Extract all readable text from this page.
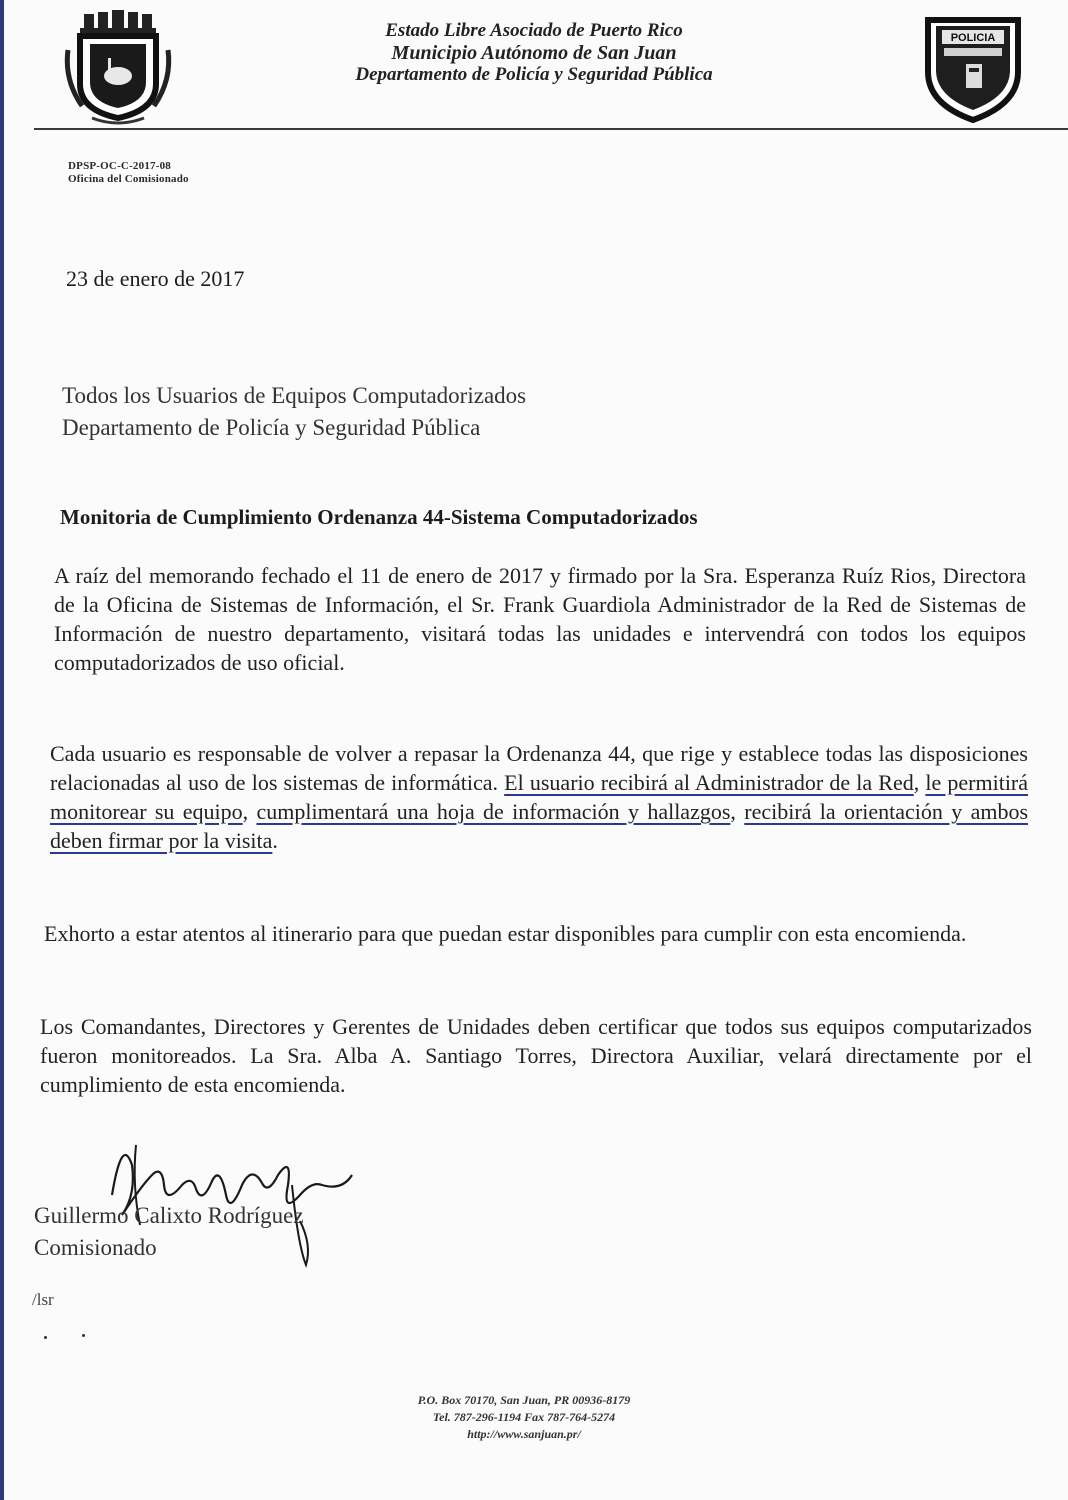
Estado Libre Asociado de Puerto Rico
Municipio Autónomo de San Juan
Departamento de Policía y Seguridad Pública
POLICIA
DPSP-OC-C-2017-08
Oficina del Comisionado
23 de enero de 2017
Todos los Usuarios de Equipos Computadorizados
Departamento de Policía y Seguridad Pública
Monitoria de Cumplimiento Ordenanza 44-Sistema Computadorizados
A raíz del memorando fechado el 11 de enero de 2017 y firmado por la Sra. Esperanza Ruíz Rios, Directora de la Oficina de Sistemas de Información, el Sr. Frank Guardiola Administrador de la Red de Sistemas de Información de nuestro departamento, visitará todas las unidades e intervendrá con todos los equipos computadorizados de uso oficial.
Cada usuario es responsable de volver a repasar la Ordenanza 44, que rige y establece todas las disposiciones relacionadas al uso de los sistemas de informática. El usuario recibirá al Administrador de la Red, le permitirá monitorear su equipo, cumplimentará una hoja de información y hallazgos, recibirá la orientación y ambos deben firmar por la visita.
Exhorto a estar atentos al itinerario para que puedan estar disponibles para cumplir con esta encomienda.
Los Comandantes, Directores y Gerentes de Unidades deben certificar que todos sus equipos computarizados fueron monitoreados. La Sra. Alba A. Santiago Torres, Directora Auxiliar, velará directamente por el cumplimiento de esta encomienda.
Guillermo Calixto Rodríguez
Comisionado
/lsr
P.O. Box 70170, San Juan, PR 00936-8179
Tel. 787-296-1194 Fax 787-764-5274
http://www.sanjuan.pr/
